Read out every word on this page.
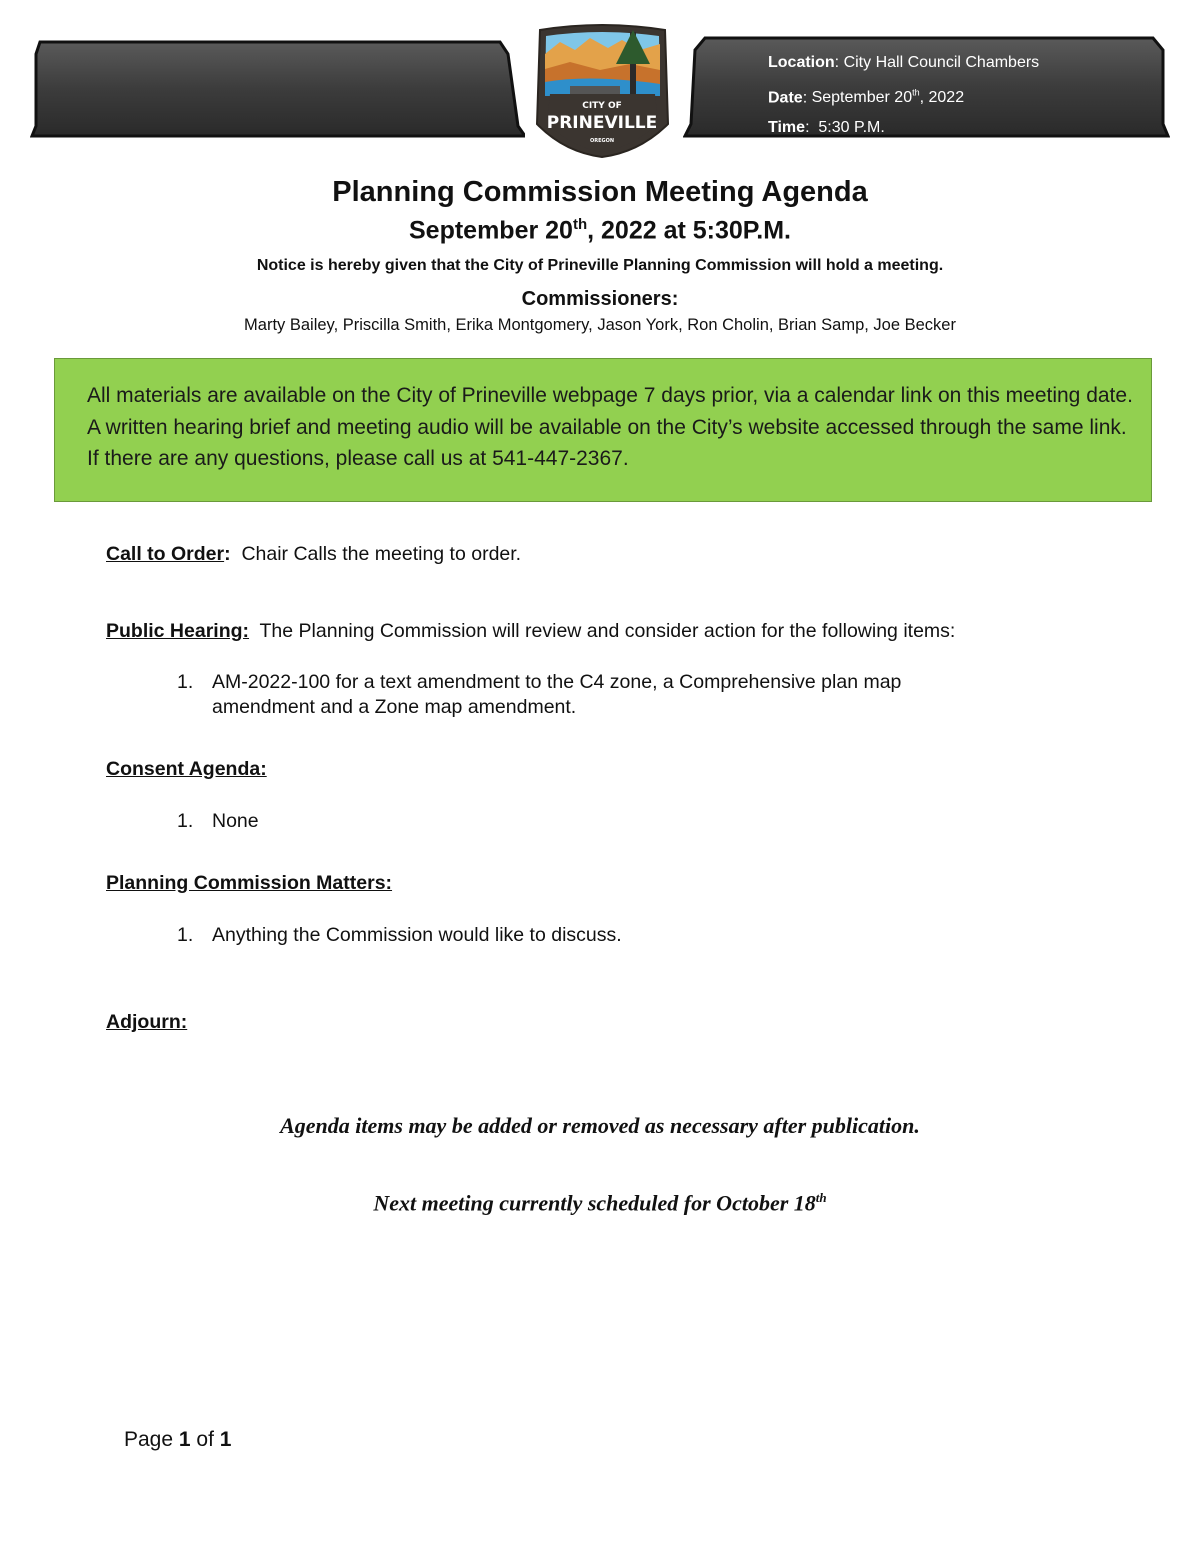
CITY OF
PRINEVILLE
OREGON
Location: City Hall Council Chambers
Date: September 20th, 2022
Time:  5:30 P.M.
Planning Commission Meeting Agenda
September 20th, 2022 at 5:30P.M.
Notice is hereby given that the City of Prineville Planning Commission will hold a meeting.
Commissioners:
Marty Bailey, Priscilla Smith, Erika Montgomery, Jason York, Ron Cholin, Brian Samp, Joe Becker

All materials are available on the City of Prineville webpage 7 days prior, via a calendar link on this meeting date. A written hearing brief and meeting audio will be available on the City’s website accessed through the same link. If there are any questions, please call us at 541-447-2367.

Call to Order: Chair Calls the meeting to order.
Public Hearing: The Planning Commission will review and consider action for the following items:
1. AM-2022-100 for a text amendment to the C4 zone, a Comprehensive plan map amendment and a Zone map amendment.
Consent Agenda:
1. None
Planning Commission Matters:
1. Anything the Commission would like to discuss.
Adjourn:
Agenda items may be added or removed as necessary after publication.
Next meeting currently scheduled for October 18th
Page 1 of 1
